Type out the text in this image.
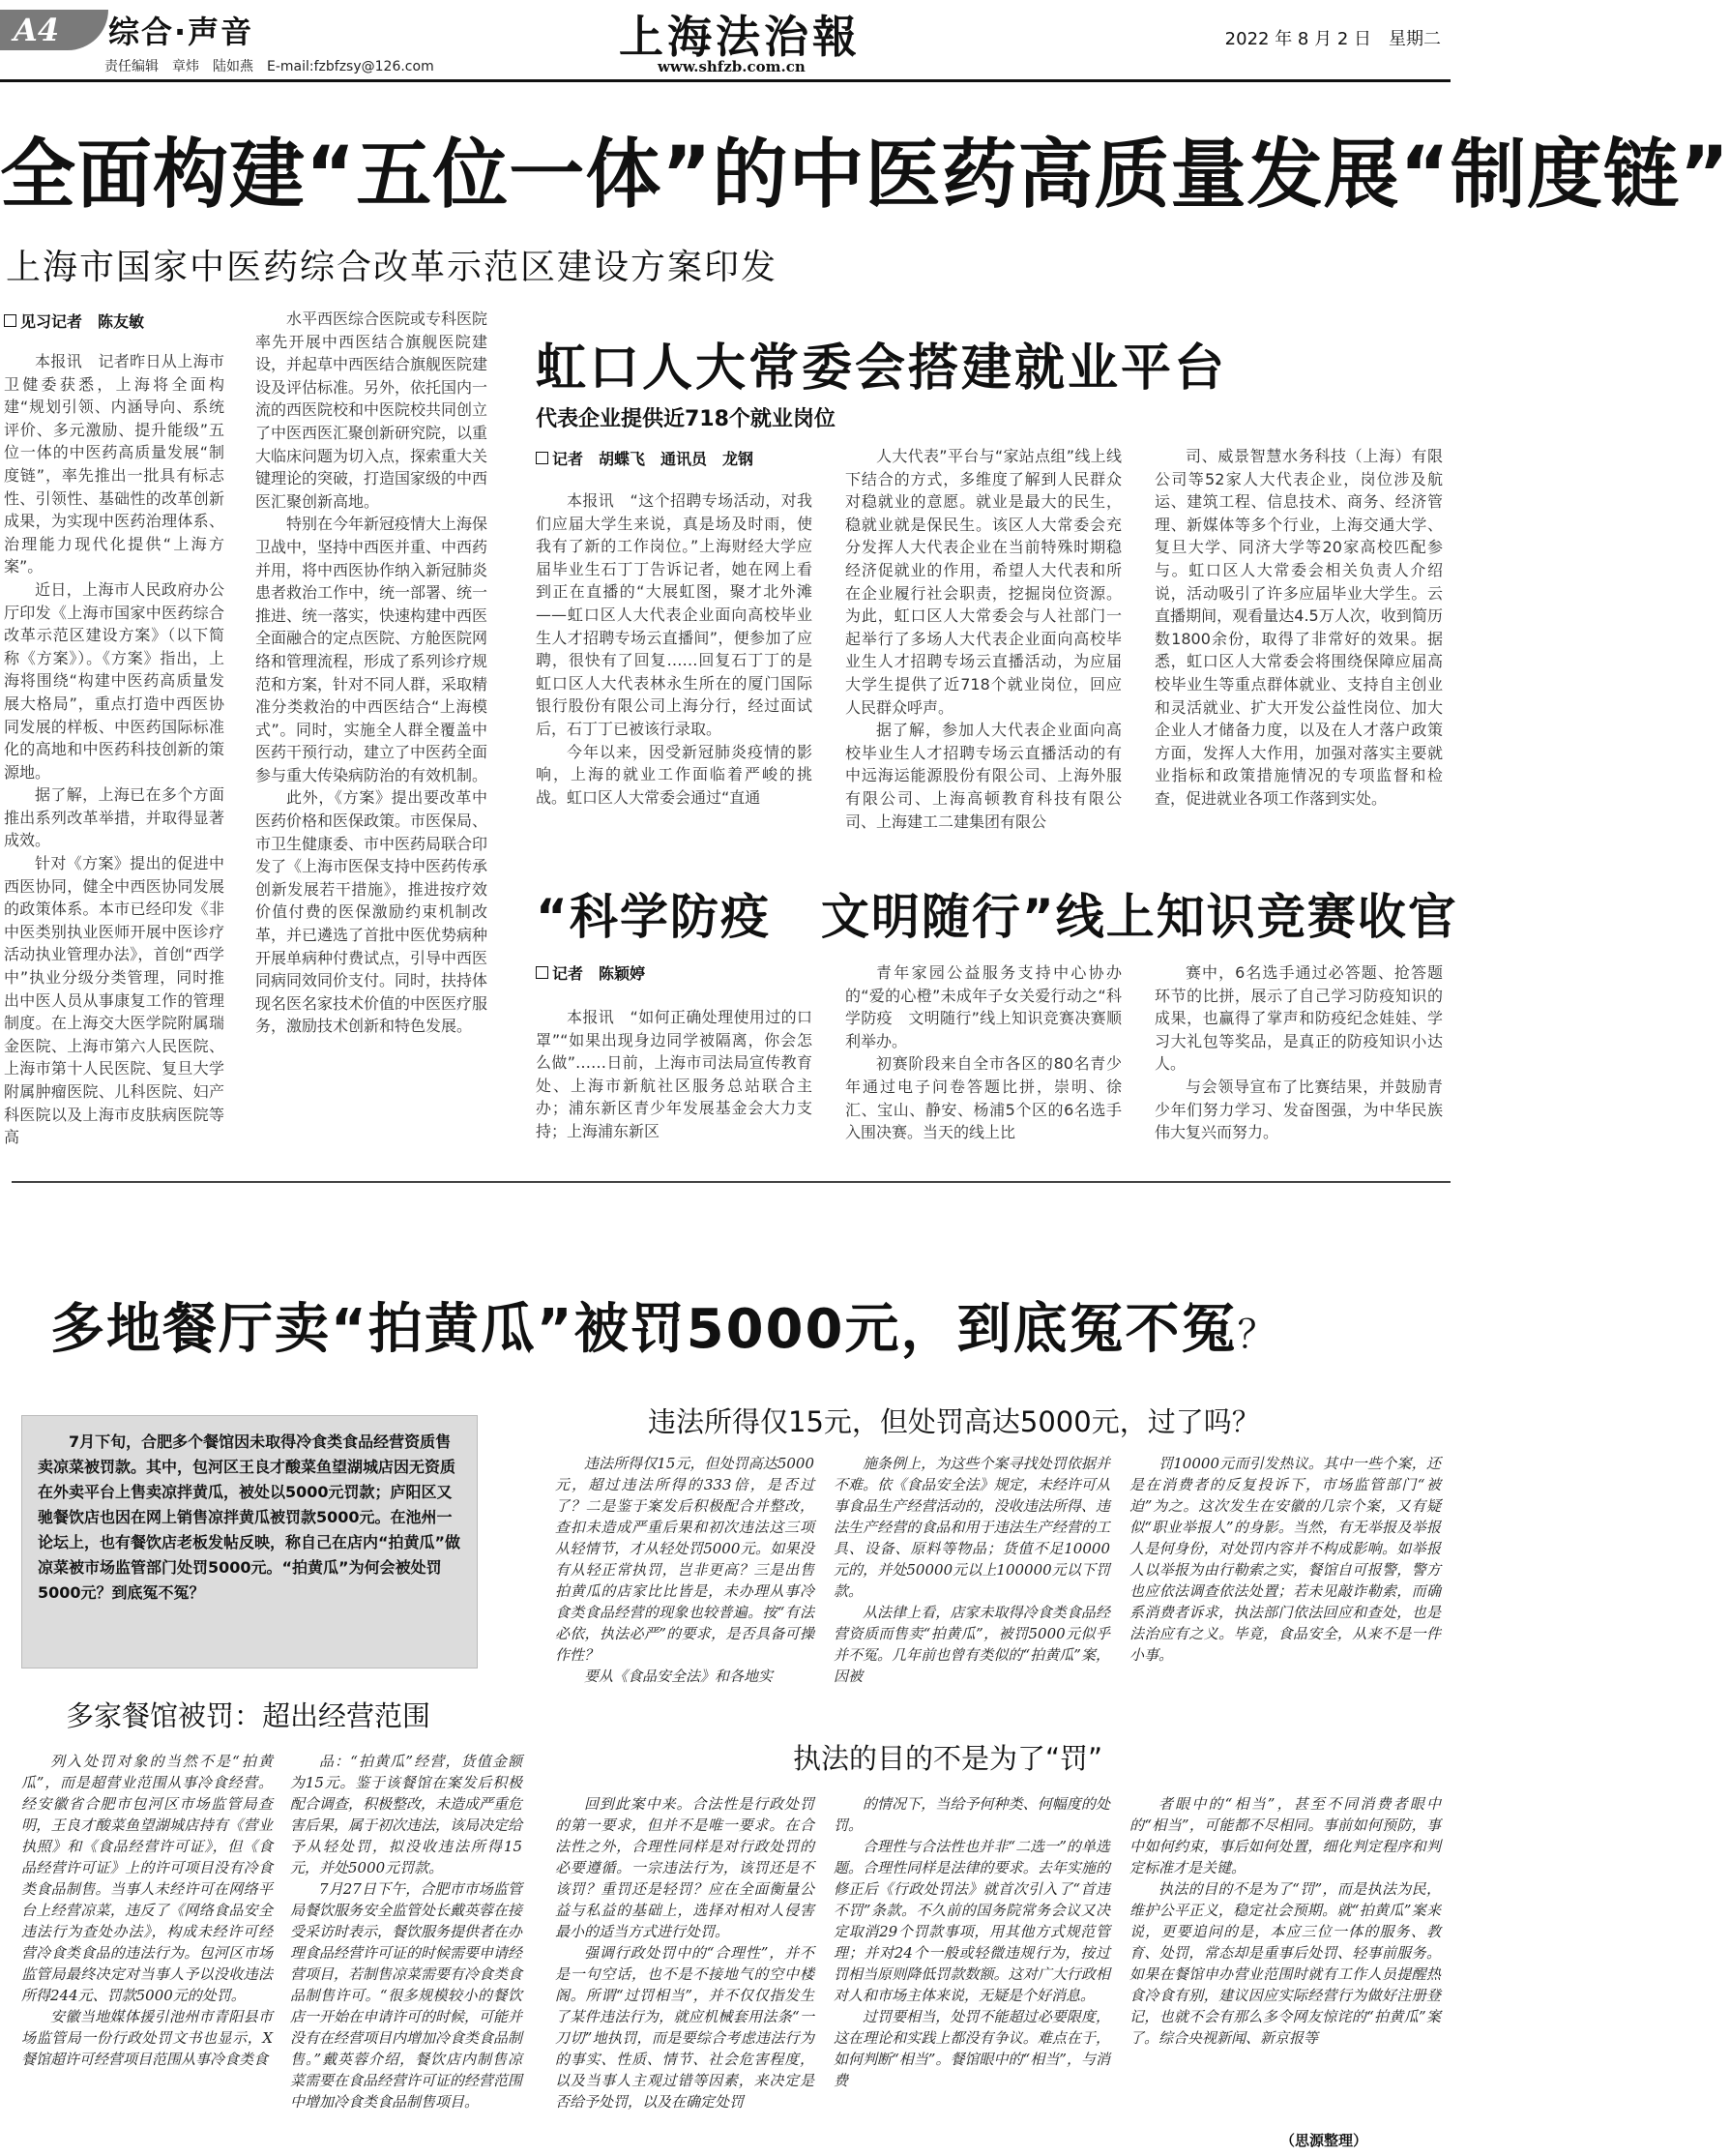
A4 综合·声音
责任编辑　章炜　陆如燕　E-mail:fzbfzsy@126.com
上海法治報
www.shfzb.com.cn
2022 年 8 月 2 日　星期二
全面构建“五位一体”的中医药高质量发展“制度链”
上海市国家中医药综合改革示范区建设方案印发
见习记者　陈友敏

本报讯　记者昨日从上海市卫健委获悉，上海将全面构建“规划引领、内涵导向、系统评价、多元激励、提升能级”五位一体的中医药高质量发展“制度链”，率先推出一批具有标志性、引领性、基础性的改革创新成果，为实现中医药治理体系、治理能力现代化提供“上海方案”。

近日，上海市人民政府办公厅印发《上海市国家中医药综合改革示范区建设方案》（以下简称《方案》）。《方案》指出，上海将围绕“构建中医药高质量发展大格局”，重点打造中西医协同发展的样板、中医药国际标准化的高地和中医药科技创新的策源地。

据了解，上海已在多个方面推出系列改革举措，并取得显著成效。

针对《方案》提出的促进中西医协同，健全中西医协同发展的政策体系。本市已经印发《非中医类别执业医师开展中医诊疗活动执业管理办法》，首创“西学中”执业分级分类管理，同时推出中医人员从事康复工作的管理制度。在上海交大医学院附属瑞金医院、上海市第六人民医院、上海市第十人民医院、复旦大学附属肿瘤医院、儿科医院、妇产科医院以及上海市皮肤病医院等高

水平西医综合医院或专科医院率先开展中西医结合旗舰医院建设，并起草中西医结合旗舰医院建设及评估标准。另外，依托国内一流的西医院校和中医院校共同创立了中医西医汇聚创新研究院，以重大临床问题为切入点，探索重大关键理论的突破，打造国家级的中西医汇聚创新高地。

特别在今年新冠疫情大上海保卫战中，坚持中西医并重、中西药并用，将中西医协作纳入新冠肺炎患者救治工作中，统一部署、统一推进、统一落实，快速构建中西医全面融合的定点医院、方舱医院网络和管理流程，形成了系列诊疗规范和方案，针对不同人群，采取精准分类救治的中西医结合“上海模式”。同时，实施全人群全覆盖中医药干预行动，建立了中医药全面参与重大传染病防治的有效机制。

此外，《方案》提出要改革中医药价格和医保政策。市医保局、市卫生健康委、市中医药局联合印发了《上海市医保支持中医药传承创新发展若干措施》，推进按疗效价值付费的医保激励约束机制改革，并已遴选了首批中医优势病种开展单病种付费试点，引导中西医同病同效同价支付。同时，扶持体现名医名家技术价值的中医医疗服务，激励技术创新和特色发展。

虹口人大常委会搭建就业平台
代表企业提供近718个就业岗位
记者　胡蝶飞　通讯员　龙钢

本报讯　“这个招聘专场活动，对我们应届大学生来说，真是场及时雨，使我有了新的工作岗位。”上海财经大学应届毕业生石丁丁告诉记者，她在网上看到正在直播的“大展虹图，聚才北外滩——虹口区人大代表企业面向高校毕业生人才招聘专场云直播间”，便参加了应聘，很快有了回复……回复石丁丁的是虹口区人大代表林永生所在的厦门国际银行股份有限公司上海分行，经过面试后，石丁丁已被该行录取。

今年以来，因受新冠肺炎疫情的影响，上海的就业工作面临着严峻的挑战。虹口区人大常委会通过“直通

人大代表”平台与“家站点组”线上线下结合的方式，多维度了解到人民群众对稳就业的意愿。就业是最大的民生，稳就业就是保民生。该区人大常委会充分发挥人大代表企业在当前特殊时期稳经济促就业的作用，希望人大代表和所在企业履行社会职责，挖掘岗位资源。为此，虹口区人大常委会与人社部门一起举行了多场人大代表企业面向高校毕业生人才招聘专场云直播活动，为应届大学生提供了近718个就业岗位，回应人民群众呼声。

据了解，参加人大代表企业面向高校毕业生人才招聘专场云直播活动的有中远海运能源股份有限公司、上海外服有限公司、上海高顿教育科技有限公司、上海建工二建集团有限公

司、威景智慧水务科技（上海）有限公司等52家人大代表企业，岗位涉及航运、建筑工程、信息技术、商务、经济管理、新媒体等多个行业，上海交通大学、复旦大学、同济大学等20家高校匹配参与。虹口区人大常委会相关负责人介绍说，活动吸引了许多应届毕业大学生。云直播期间，观看量达4.5万人次，收到简历数1800余份，取得了非常好的效果。据悉，虹口区人大常委会将围绕保障应届高校毕业生等重点群体就业、支持自主创业和灵活就业、扩大开发公益性岗位、加大企业人才储备力度，以及在人才落户政策方面，发挥人大作用，加强对落实主要就业指标和政策措施情况的专项监督和检查，促进就业各项工作落到实处。

“科学防疫　文明随行”线上知识竞赛收官
记者　陈颖婷

本报讯　“如何正确处理使用过的口罩”“如果出现身边同学被隔离，你会怎么做”……日前，上海市司法局宣传教育处、上海市新航社区服务总站联合主办；浦东新区青少年发展基金会大力支持；上海浦东新区

青年家园公益服务支持中心协办的“爱的心橙”未成年子女关爱行动之“科学防疫　文明随行”线上知识竞赛决赛顺利举办。

初赛阶段来自全市各区的80名青少年通过电子问卷答题比拼，崇明、徐汇、宝山、静安、杨浦5个区的6名选手入围决赛。当天的线上比

赛中，6名选手通过必答题、抢答题环节的比拼，展示了自己学习防疫知识的成果，也赢得了掌声和防疫纪念娃娃、学习大礼包等奖品，是真正的防疫知识小达人。

与会领导宣布了比赛结果，并鼓励青少年们努力学习、发奋图强，为中华民族伟大复兴而努力。

多地餐厅卖“拍黄瓜”被罚5000元，到底冤不冤？
7月下旬，合肥多个餐馆因未取得冷食类食品经营资质售卖凉菜被罚款。其中，包河区王良才酸菜鱼望湖城店因无资质在外卖平台上售卖凉拌黄瓜，被处以5000元罚款；庐阳区又驰餐饮店也因在网上销售凉拌黄瓜被罚款5000元。在池州一论坛上，也有餐饮店老板发帖反映，称自己在店内“拍黄瓜”做凉菜被市场监管部门处罚5000元。“拍黄瓜”为何会被处罚5000元？到底冤不冤？
违法所得仅15元，但处罚高达5000元，过了吗？

违法所得仅15元，但处罚高达5000元，超过违法所得的333倍，是否过了？二是鉴于案发后积极配合并整改，查扣未造成严重后果和初次违法这三项从轻情节，才从轻处罚5000元。如果没有从轻正常执罚，岂非更高？三是出售拍黄瓜的店家比比皆是，未办理从事冷食类食品经营的现象也较普遍。按“有法必依，执法必严”的要求，是否具备可操作性？

要从《食品安全法》和各地实

施条例上，为这些个案寻找处罚依据并不难。依《食品安全法》规定，未经许可从事食品生产经营活动的，没收违法所得、违法生产经营的食品和用于违法生产经营的工具、设备、原料等物品；货值不足10000元的，并处50000元以上100000元以下罚款。

从法律上看，店家未取得冷食类食品经营资质而售卖“拍黄瓜”，被罚5000元似乎并不冤。几年前也曾有类似的“拍黄瓜”案，因被

罚10000元而引发热议。其中一些个案，还是在消费者的反复投诉下，市场监管部门“被迫”为之。这次发生在安徽的几宗个案，又有疑似“职业举报人”的身影。当然，有无举报及举报人是何身份，对处罚内容并不构成影响。如举报人以举报为由行勒索之实，餐馆自可报警，警方也应依法调查依法处置；若未见敲诈勒索，而确系消费者诉求，执法部门依法回应和查处，也是法治应有之义。毕竟，食品安全，从来不是一件小事。

多家餐馆被罚：超出经营范围

列入处罚对象的当然不是“拍黄瓜”，而是超营业范围从事冷食经营。经安徽省合肥市包河区市场监管局查明，王良才酸菜鱼望湖城店持有《营业执照》和《食品经营许可证》，但《食品经营许可证》上的许可项目没有冷食类食品制售。当事人未经许可在网络平台上经营凉菜，违反了《网络食品安全违法行为查处办法》，构成未经许可经营冷食类食品的违法行为。包河区市场监管局最终决定对当事人予以没收违法所得244元、罚款5000元的处罚。

安徽当地媒体援引池州市青阳县市场监管局一份行政处罚文书也显示，X餐馆超许可经营项目范围从事冷食类食

品：“拍黄瓜”经营，货值金额为15元。鉴于该餐馆在案发后积极配合调查，积极整改，未造成严重危害后果，属于初次违法，该局决定给予从轻处罚，拟没收违法所得15元，并处5000元罚款。

7月27日下午，合肥市市场监管局餐饮服务安全监管处长戴英蓉在接受采访时表示，餐饮服务提供者在办理食品经营许可证的时候需要申请经营项目，若制售凉菜需要有冷食类食品制售许可。“很多规模较小的餐饮店一开始在申请许可的时候，可能并没有在经营项目内增加冷食类食品制售。”戴英蓉介绍，餐饮店内制售凉菜需要在食品经营许可证的经营范围中增加冷食类食品制售项目。

执法的目的不是为了“罚”

回到此案中来。合法性是行政处罚的第一要求，但并不是唯一要求。在合法性之外，合理性同样是对行政处罚的必要遵循。一宗违法行为，该罚还是不该罚？重罚还是轻罚？应在全面衡量公益与私益的基础上，选择对相对人侵害最小的适当方式进行处罚。

强调行政处罚中的“合理性”，并不是一句空话，也不是不接地气的空中楼阁。所谓“过罚相当”，并不仅仅指发生了某件违法行为，就应机械套用法条“一刀切”地执罚，而是要综合考虑违法行为的事实、性质、情节、社会危害程度，以及当事人主观过错等因素，来决定是否给予处罚，以及在确定处罚

的情况下，当给予何种类、何幅度的处罚。

合理性与合法性也并非“二选一”的单选题。合理性同样是法律的要求。去年实施的修正后《行政处罚法》就首次引入了“首违不罚”条款。不久前的国务院常务会议又决定取消29个罚款事项，用其他方式规范管理；并对24个一般或轻微违规行为，按过罚相当原则降低罚款数额。这对广大行政相对人和市场主体来说，无疑是个好消息。

过罚要相当，处罚不能超过必要限度，这在理论和实践上都没有争议。难点在于，如何判断“相当”。餐馆眼中的“相当”，与消费

者眼中的“相当”，甚至不同消费者眼中的“相当”，可能都不尽相同。事前如何预防，事中如何约束，事后如何处置，细化判定程序和判定标准才是关键。

执法的目的不是为了“罚”，而是执法为民，维护公平正义，稳定社会预期。就“拍黄瓜”案来说，更要追问的是，本应三位一体的服务、教育、处罚，常态却是重事后处罚、轻事前服务。如果在餐馆申办营业范围时就有工作人员提醒热食冷食有别，建议因应实际经营行为做好注册登记，也就不会有那么多令网友惊诧的“拍黄瓜”案了。综合央视新闻、新京报等

（思源整理）
